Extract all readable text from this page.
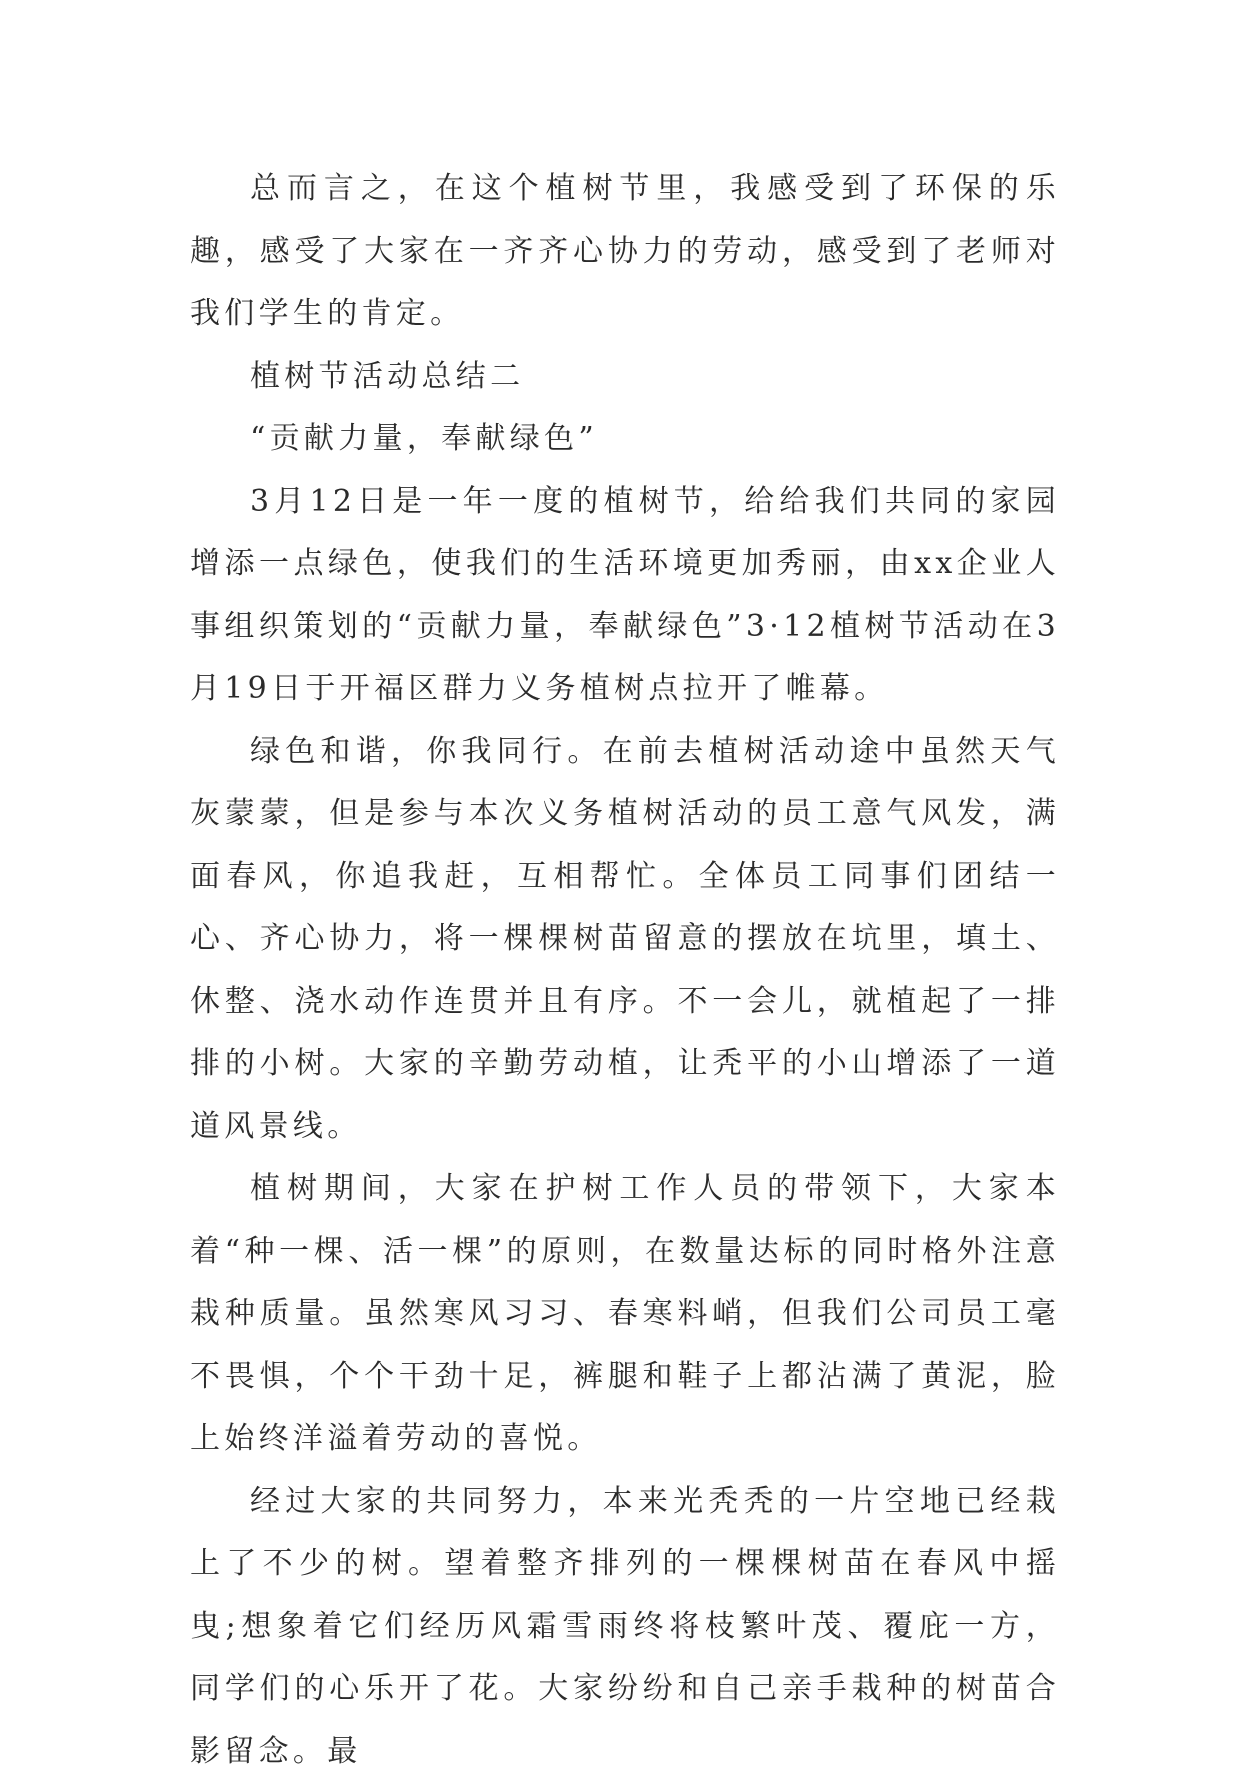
总而言之，在这个植树节里，我感受到了环保的乐趣，感受了大家在一齐齐心协力的劳动，感受到了老师对我们学生的肯定。

植树节活动总结二

“贡献力量，奉献绿色”

3月12日是一年一度的植树节，给给我们共同的家园增添一点绿色，使我们的生活环境更加秀丽，由xx企业人事组织策划的“贡献力量，奉献绿色”3·12植树节活动在3月19日于开福区群力义务植树点拉开了帷幕。

绿色和谐，你我同行。在前去植树活动途中虽然天气灰蒙蒙，但是参与本次义务植树活动的员工意气风发，满面春风，你追我赶，互相帮忙。全体员工同事们团结一心、齐心协力，将一棵棵树苗留意的摆放在坑里，填土、休整、浇水动作连贯并且有序。不一会儿，就植起了一排排的小树。大家的辛勤劳动植，让秃平的小山增添了一道道风景线。

植树期间，大家在护树工作人员的带领下，大家本着“种一棵、活一棵”的原则，在数量达标的同时格外注意栽种质量。虽然寒风习习、春寒料峭，但我们公司员工毫不畏惧，个个干劲十足，裤腿和鞋子上都沾满了黄泥，脸上始终洋溢着劳动的喜悦。

经过大家的共同努力，本来光秃秃的一片空地已经栽上了不少的树。望着整齐排列的一棵棵树苗在春风中摇曳;想象着它们经历风霜雪雨终将枝繁叶茂、覆庇一方，同学们的心乐开了花。大家纷纷和自己亲手栽种的树苗合影留念。最
